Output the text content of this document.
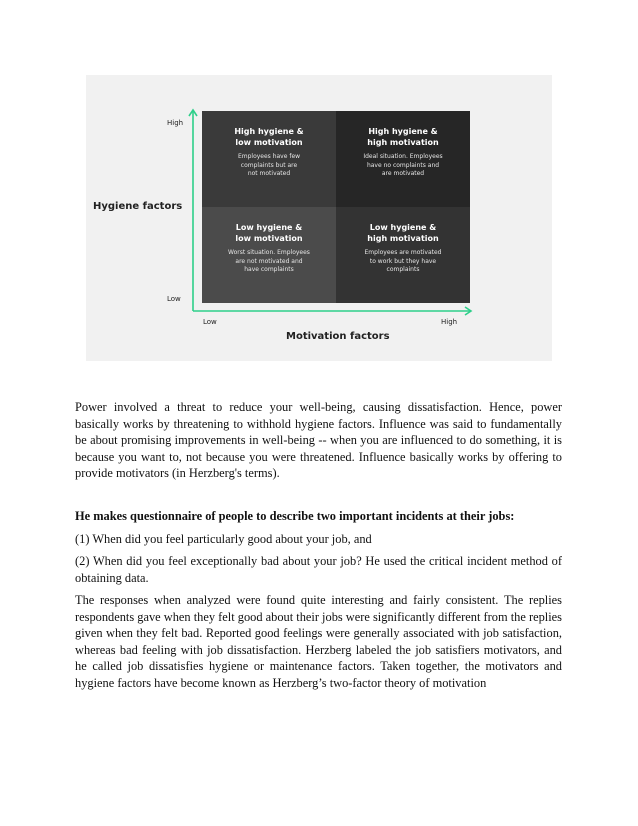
High
Low
Low	High
Hygiene factors
Motivation factors
High hygiene &
low motivation
Employees have few
complaints but are
not motivated
High hygiene &
high motivation
Ideal situation. Employees
have no complaints and
are motivated
Low hygiene &
low motivation
Worst situation. Employees
are not motivated and
have complaints
Low hygiene &
high motivation
Employees are motivated
to work but they have
complaints

Power involved a threat to reduce your well-being, causing dissatisfaction. Hence, power basically works by threatening to withhold hygiene factors. Influence was said to fundamentally be about promising improvements in well-being -- when you are influenced to do something, it is because you want to, not because you were threatened. Influence basically works by offering to provide motivators (in Herzberg's terms).

He makes questionnaire of people to describe two important incidents at their jobs:

(1) When did you feel particularly good about your job, and

(2) When did you feel exceptionally bad about your job? He used the critical incident method of obtaining data.

The responses when analyzed were found quite interesting and fairly consistent. The replies respondents gave when they felt good about their jobs were significantly different from the replies given when they felt bad. Reported good feelings were generally associated with job satisfaction, whereas bad feeling with job dissatisfaction. Herzberg labeled the job satisfiers motivators, and he called job dissatisfies hygiene or maintenance factors. Taken together, the motivators and hygiene factors have become known as Herzberg’s two-factor theory of motivation
